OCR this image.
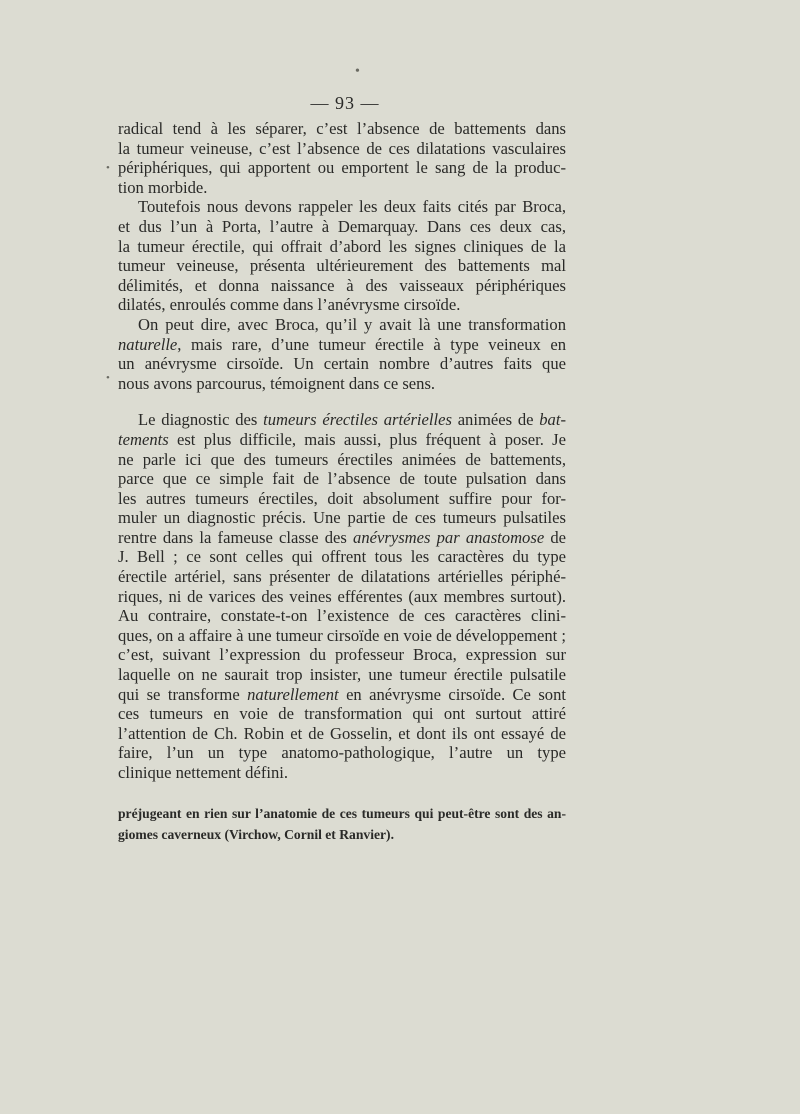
— 93 —
radical tend à les séparer, c’est l’absence de battements dans
la tumeur veineuse, c’est l’absence de ces dilatations vasculaires
périphériques, qui apportent ou emportent le sang de la produc-
tion morbide.
Toutefois nous devons rappeler les deux faits cités par Broca,
et dus l’un à Porta, l’autre à Demarquay. Dans ces deux cas,
la tumeur érectile, qui offrait d’abord les signes cliniques de la
tumeur veineuse, présenta ultérieurement des battements mal
délimités, et donna naissance à des vaisseaux périphériques
dilatés, enroulés comme dans l’anévrysme cirsoïde.
On peut dire, avec Broca, qu’il y avait là une transformation
naturelle, mais rare, d’une tumeur érectile à type veineux en
un anévrysme cirsoïde. Un certain nombre d’autres faits que
nous avons parcourus, témoignent dans ce sens.
Le diagnostic des tumeurs érectiles artérielles animées de bat-
tements est plus difficile, mais aussi, plus fréquent à poser. Je
ne parle ici que des tumeurs érectiles animées de battements,
parce que ce simple fait de l’absence de toute pulsation dans
les autres tumeurs érectiles, doit absolument suffire pour for-
muler un diagnostic précis. Une partie de ces tumeurs pulsatiles
rentre dans la fameuse classe des anévrysmes par anastomose de
J. Bell ; ce sont celles qui offrent tous les caractères du type
érectile artériel, sans présenter de dilatations artérielles périphé-
riques, ni de varices des veines efférentes (aux membres surtout).
Au contraire, constate-t-on l’existence de ces caractères clini-
ques, on a affaire à une tumeur cirsoïde en voie de développement ;
c’est, suivant l’expression du professeur Broca, expression sur
laquelle on ne saurait trop insister, une tumeur érectile pulsatile
qui se transforme naturellement en anévrysme cirsoïde. Ce sont
ces tumeurs en voie de transformation qui ont surtout attiré
l’attention de Ch. Robin et de Gosselin, et dont ils ont essayé de
faire, l’un un type anatomo-pathologique, l’autre un type
clinique nettement défini.
préjugeant en rien sur l’anatomie de ces tumeurs qui peut-être sont des an-
giomes caverneux (Virchow, Cornil et Ranvier).
•
•
•
